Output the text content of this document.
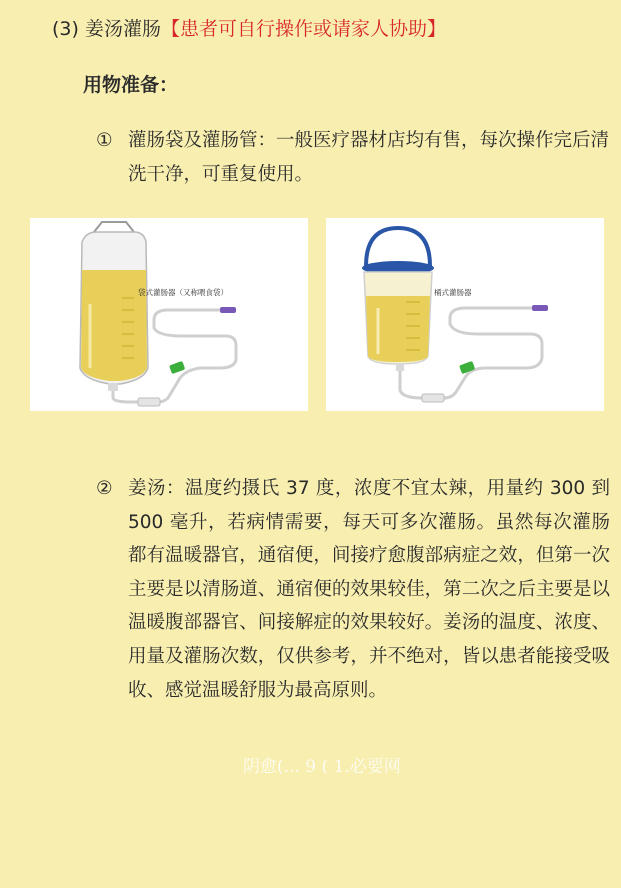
(3) 姜汤灌肠【患者可自行操作或请家人协助】
用物准备：
① 灌肠袋及灌肠管：一般医疗器材店均有售，每次操作完后清洗干净，可重复使用。
袋式灌肠器（又称喂食袋）	桶式灌肠器
② 姜汤：温度约摄氏 37 度，浓度不宜太辣，用量约 300 到 500 毫升，若病情需要，每天可多次灌肠。虽然每次灌肠都有温暖器官，通宿便，间接疗愈腹部病症之效，但第一次主要是以清肠道、通宿便的效果较佳，第二次之后主要是以温暖腹部器官、间接解症的效果较好。姜汤的温度、浓度、用量及灌肠次数，仅供参考，并不绝对，皆以患者能接受吸收、感觉温暖舒服为最高原则。
阴愈(... 9 ( 1.必要网
